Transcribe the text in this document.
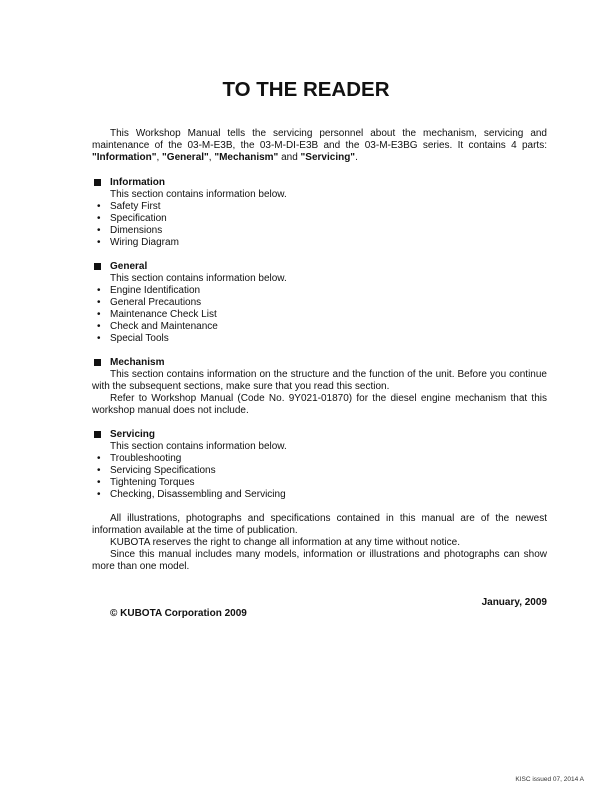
TO THE READER
This Workshop Manual tells the servicing personnel about the mechanism, servicing and maintenance of the 03-M-E3B, the 03-M-DI-E3B and the 03-M-E3BG series. It contains 4 parts: "Information", "General", "Mechanism" and "Servicing".
Information
This section contains information below.
• Safety First
• Specification
• Dimensions
• Wiring Diagram
General
This section contains information below.
• Engine Identification
• General Precautions
• Maintenance Check List
• Check and Maintenance
• Special Tools
Mechanism

This section contains information on the structure and the function of the unit. Before you continue with the subsequent sections, make sure that you read this section.

Refer to Workshop Manual (Code No. 9Y021-01870) for the diesel engine mechanism that this workshop manual does not include.

Servicing
This section contains information below.
• Troubleshooting
• Servicing Specifications
• Tightening Torques
• Checking, Disassembling and Servicing

All illustrations, photographs and specifications contained in this manual are of the newest information available at the time of publication.

KUBOTA reserves the right to change all information at any time without notice.

Since this manual includes many models, information or illustrations and photographs can show more than one model.

January, 2009
© KUBOTA Corporation 2009
KISC issued 07, 2014 A
